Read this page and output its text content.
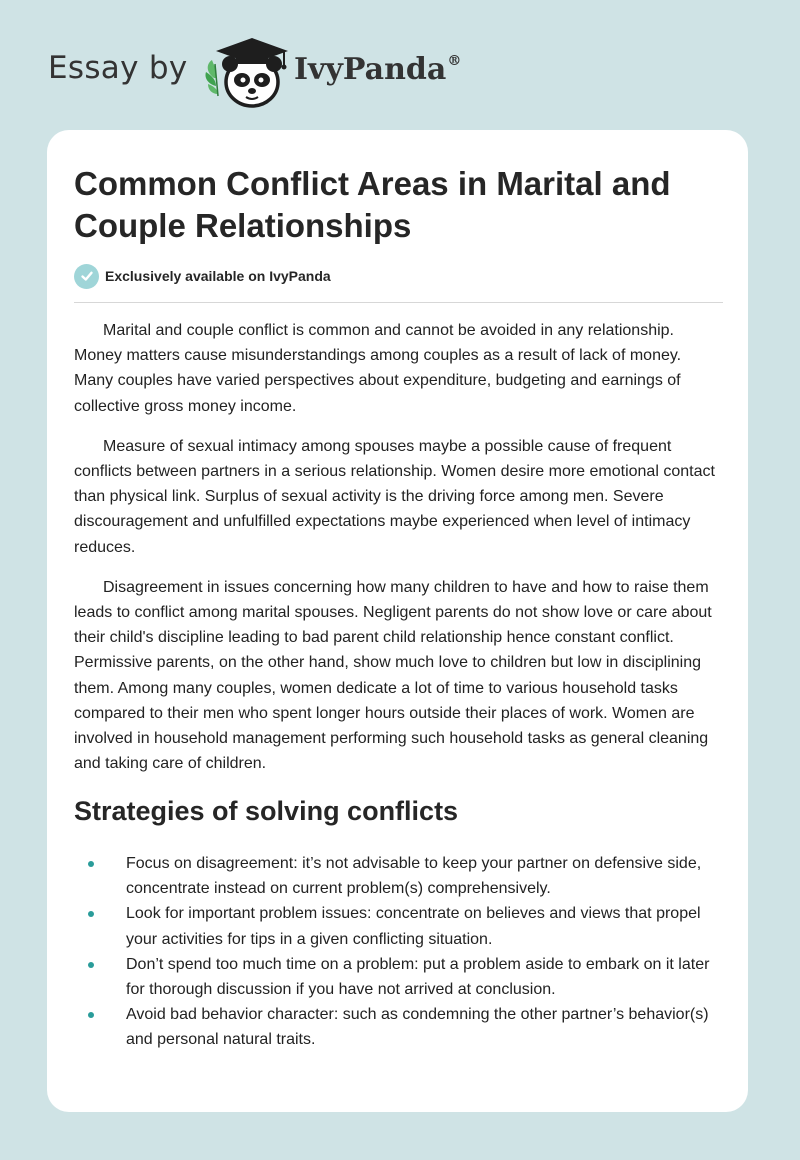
Essay by	IvyPanda®
Common Conflict Areas in Marital and Couple Relationships
Exclusively available on IvyPanda

Marital and couple conflict is common and cannot be avoided in any relationship. Money matters cause misunderstandings among couples as a result of lack of money. Many couples have varied perspectives about expenditure, budgeting and earnings of collective gross money income.

Measure of sexual intimacy among spouses maybe a possible cause of frequent conflicts between partners in a serious relationship. Women desire more emotional contact than physical link. Surplus of sexual activity is the driving force among men. Severe discouragement and unfulfilled expectations maybe experienced when level of intimacy reduces.

Disagreement in issues concerning how many children to have and how to raise them leads to conflict among marital spouses. Negligent parents do not show love or care about their child's discipline leading to bad parent child relationship hence constant conflict. Permissive parents, on the other hand, show much love to children but low in disciplining them. Among many couples, women dedicate a lot of time to various household tasks compared to their men who spent longer hours outside their places of work. Women are involved in household management performing such household tasks as general cleaning and taking care of children.

Strategies of solving conflicts
Focus on disagreement: it’s not advisable to keep your partner on defensive side, concentrate instead on current problem(s) comprehensively.
Look for important problem issues: concentrate on believes and views that propel your activities for tips in a given conflicting situation.
Don’t spend too much time on a problem: put a problem aside to embark on it later for thorough discussion if you have not arrived at conclusion.
Avoid bad behavior character: such as condemning the other partner’s behavior(s) and personal natural traits.
